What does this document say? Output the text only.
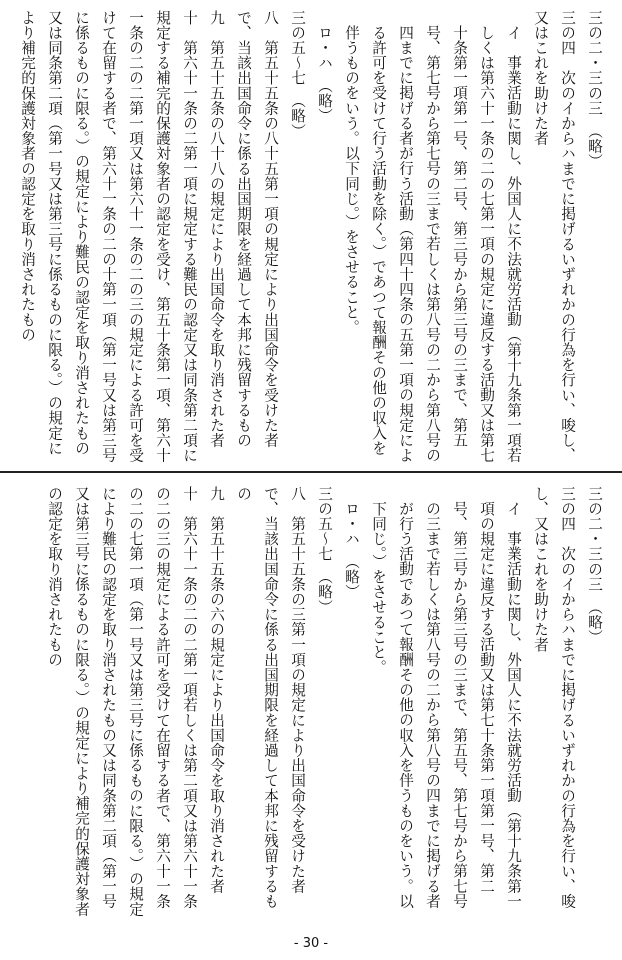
三の二・三の三　（略）

三の四　次のイからハまでに掲げるいずれかの行為を行い、唆し、又はこれを助けた者

イ　事業活動に関し、外国人に不法就労活動（第十九条第一項若しくは第六十一条の二の七第一項の規定に違反する活動又は第七十条第一項第一号、第二号、第三号から第三号の三まで、第五号、第七号から第七号の三まで若しくは第八号の二から第八号の四までに掲げる者が行う活動（第四十四条の五第一項の規定による許可を受けて行う活動を除く。）であつて報酬その他の収入を伴うものをいう。以下同じ。）をさせること。

ロ・ハ　（略）

三の五〜七　（略）

八　第五十五条の八十五第一項の規定により出国命令を受けた者で、当該出国命令に係る出国期限を経過して本邦に残留するもの

九　第五十五条の八十八の規定により出国命令を取り消された者

十　第六十一条の二第一項に規定する難民の認定又は同条第二項に規定する補完的保護対象者の認定を受け、第五十条第一項、第六十一条の二の二第一項又は第六十一条の二の三の規定による許可を受けて在留する者で、第六十一条の二の十第一項（第一号又は第三号に係るものに限る。）の規定により難民の認定を取り消されたもの又は同条第二項（第一号又は第三号に係るものに限る。）の規定により補完的保護対象者の認定を取り消されたもの

三の二・三の三　（略）

三の四　次のイからハまでに掲げるいずれかの行為を行い、唆し、又はこれを助けた者

イ　事業活動に関し、外国人に不法就労活動（第十九条第一項の規定に違反する活動又は第七十条第一項第一号、第二号、第三号から第三号の三まで、第五号、第七号から第七号の三まで若しくは第八号の二から第八号の四までに掲げる者が行う活動であつて報酬その他の収入を伴うものをいう。以下同じ。）をさせること。

ロ・ハ　（略）

三の五〜七　（略）

八　第五十五条の三第一項の規定により出国命令を受けた者で、当該出国命令に係る出国期限を経過して本邦に残留するもの

九　第五十五条の六の規定により出国命令を取り消された者

十　第六十一条の二の二第一項若しくは第二項又は第六十一条の二の三の規定による許可を受けて在留する者で、第六十一条の二の七第一項（第一号又は第三号に係るものに限る。）の規定により難民の認定を取り消されたもの又は同条第二項（第一号又は第三号に係るものに限る。）の規定により補完的保護対象者の認定を取り消されたもの

- 30 -
